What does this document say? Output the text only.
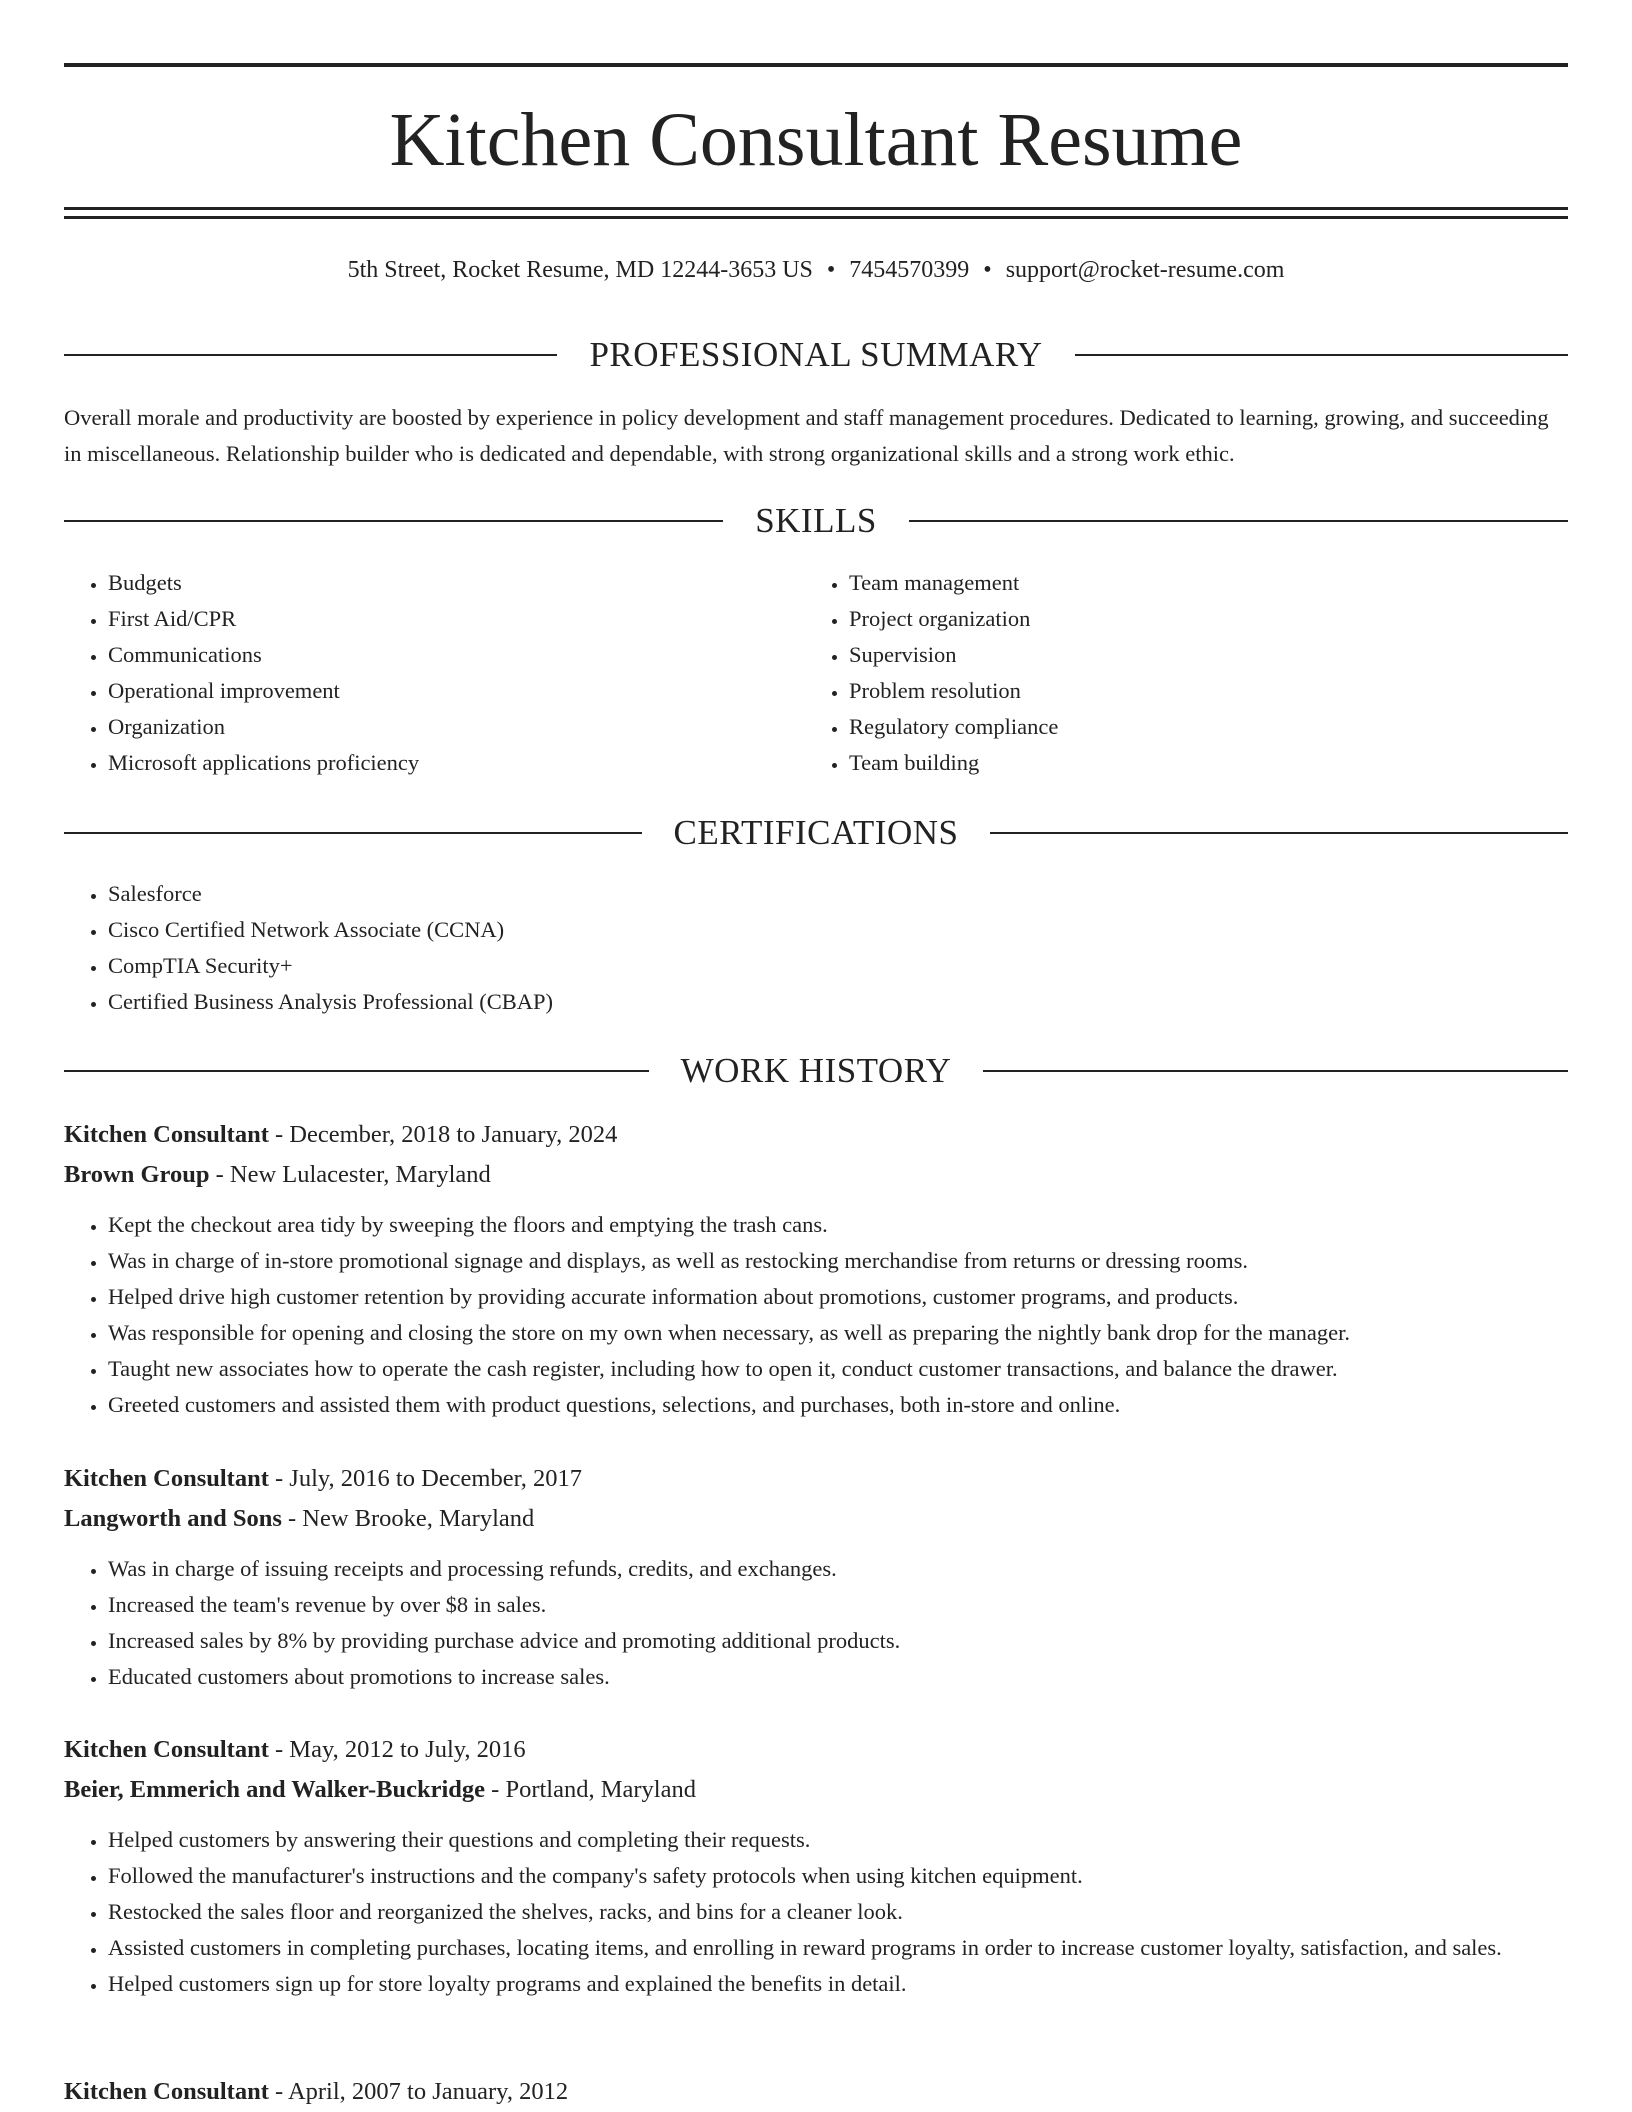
Kitchen Consultant Resume
5th Street, Rocket Resume, MD 12244-3653 US • 7454570399 • support@rocket-resume.com
PROFESSIONAL SUMMARY

Overall morale and productivity are boosted by experience in policy development and staff management procedures. Dedicated to learning, growing, and succeeding in miscellaneous. Relationship builder who is dedicated and dependable, with strong organizational skills and a strong work ethic.

SKILLS
• Budgets
• First Aid/CPR
• Communications
• Operational improvement
• Organization
• Microsoft applications proficiency
• Team management
• Project organization
• Supervision
• Problem resolution
• Regulatory compliance
• Team building
CERTIFICATIONS
• Salesforce
• Cisco Certified Network Associate (CCNA)
• CompTIA Security+
• Certified Business Analysis Professional (CBAP)
WORK HISTORY
Kitchen Consultant - December, 2018 to January, 2024
Brown Group - New Lulacester, Maryland
• Kept the checkout area tidy by sweeping the floors and emptying the trash cans.
• Was in charge of in-store promotional signage and displays, as well as restocking merchandise from returns or dressing rooms.
• Helped drive high customer retention by providing accurate information about promotions, customer programs, and products.
• Was responsible for opening and closing the store on my own when necessary, as well as preparing the nightly bank drop for the manager.
• Taught new associates how to operate the cash register, including how to open it, conduct customer transactions, and balance the drawer.
• Greeted customers and assisted them with product questions, selections, and purchases, both in-store and online.
Kitchen Consultant - July, 2016 to December, 2017
Langworth and Sons - New Brooke, Maryland
• Was in charge of issuing receipts and processing refunds, credits, and exchanges.
• Increased the team's revenue by over $8 in sales.
• Increased sales by 8% by providing purchase advice and promoting additional products.
• Educated customers about promotions to increase sales.
Kitchen Consultant - May, 2012 to July, 2016
Beier, Emmerich and Walker-Buckridge - Portland, Maryland
• Helped customers by answering their questions and completing their requests.
• Followed the manufacturer's instructions and the company's safety protocols when using kitchen equipment.
• Restocked the sales floor and reorganized the shelves, racks, and bins for a cleaner look.
• Assisted customers in completing purchases, locating items, and enrolling in reward programs in order to increase customer loyalty, satisfaction, and sales.
• Helped customers sign up for store loyalty programs and explained the benefits in detail.
Kitchen Consultant - April, 2007 to January, 2012
